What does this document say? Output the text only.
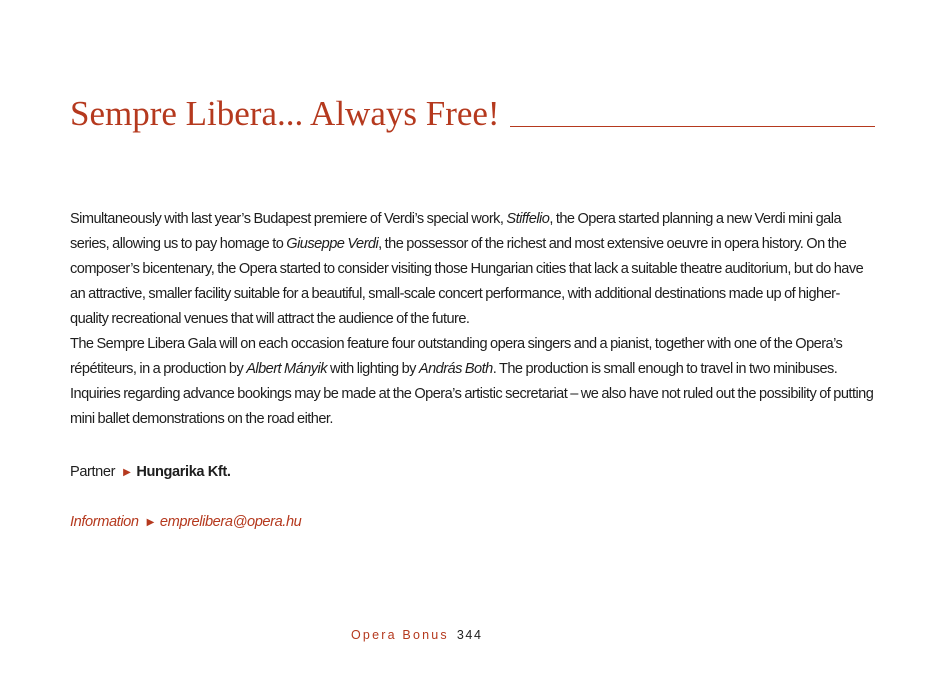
Sempre Libera... Always Free!

Simultaneously with last year’s Budapest premiere of Verdi’s special work, Stiffelio, the Opera started planning a new Verdi mini gala series, allowing us to pay homage to Giuseppe Verdi, the possessor of the richest and most extensive oeuvre in opera history. On the composer’s bicentenary, the Opera started to consider visiting those Hungarian cities that lack a suitable theatre auditorium, but do have an attractive, smaller facility suitable for a beautiful, small-scale concert performance, with additional destinations made up of higher-quality recreational venues that will attract the audience of the future.

The Sempre Libera Gala will on each occasion feature four outstanding opera singers and a pianist, together with one of the Opera’s répétiteurs, in a production by Albert Mányik with lighting by András Both. The production is small enough to travel in two minibuses. Inquiries regarding advance bookings may be made at the Opera’s artistic secretariat – we also have not ruled out the possibility of putting mini ballet demonstrations on the road either.

Partner ▶ Hungarika Kft.
Information ▶ emprelibera@opera.hu
Opera Bonus 344
